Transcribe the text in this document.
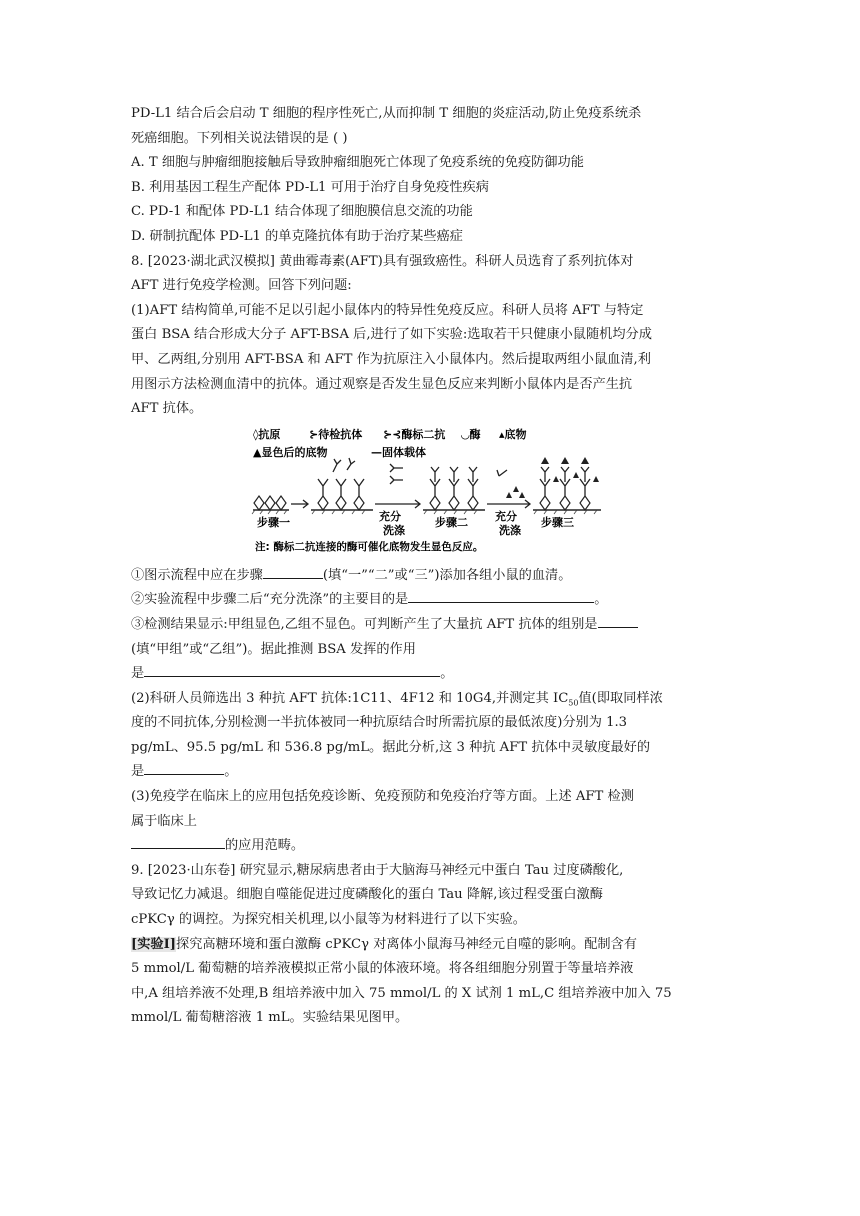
PD-L1 结合后会启动 T 细胞的程序性死亡,从而抑制 T 细胞的炎症活动,防止免疫系统杀
死癌细胞。下列相关说法错误的是 ( )
A. T 细胞与肿瘤细胞接触后导致肿瘤细胞死亡体现了免疫系统的免疫防御功能
B. 利用基因工程生产配体 PD-L1 可用于治疗自身免疫性疾病
C. PD-1 和配体 PD-L1 结合体现了细胞膜信息交流的功能
D. 研制抗配体 PD-L1 的单克隆抗体有助于治疗某些癌症
8. [2023·湖北武汉模拟] 黄曲霉毒素(AFT)具有强致癌性。科研人员选育了系列抗体对
AFT 进行免疫学检测。回答下列问题:
(1)AFT 结构简单,可能不足以引起小鼠体内的特异性免疫反应。科研人员将 AFT 与特定
蛋白 BSA 结合形成大分子 AFT-BSA 后,进行了如下实验:选取若干只健康小鼠随机均分成
甲、乙两组,分别用 AFT-BSA 和 AFT 作为抗原注入小鼠体内。然后提取两组小鼠血清,利
用图示方法检测血清中的抗体。通过观察是否发生显色反应来判断小鼠体内是否产生抗
AFT 抗体。
◊抗原	⊱待检抗体 ⊱⊰酶标二抗 ◡酶 ▴底物
▲显色后的底物	—固体载体
步骤一	步骤二	步骤三
充分
洗涤
充分
洗涤
注: 酶标二抗连接的酶可催化底物发生显色反应。
①图示流程中应在步骤	(填“一”“二”或“三”)添加各组小鼠的血清。
②实验流程中步骤二后“充分洗涤”的主要目的是	。
③检测结果显示:甲组显色,乙组不显色。可判断产生了大量抗 AFT 抗体的组别是
(填“甲组”或“乙组”)。据此推测 BSA 发挥的作用
是	。
(2)科研人员筛选出 3 种抗 AFT 抗体:1C11、4F12 和 10G4,并测定其 $IC_{50}$值(即取同样浓
度的不同抗体,分别检测一半抗体被同一种抗原结合时所需抗原的最低浓度)分别为 1.3
pg/mL、95.5 pg/mL 和 536.8 pg/mL。据此分析,这 3 种抗 AFT 抗体中灵敏度最好的
是	。
(3)免疫学在临床上的应用包括免疫诊断、免疫预防和免疫治疗等方面。上述 AFT 检测
属于临床上
的应用范畴。
9. [2023·山东卷] 研究显示,糖尿病患者由于大脑海马神经元中蛋白 Tau 过度磷酸化,
导致记忆力减退。细胞自噬能促进过度磷酸化的蛋白 Tau 降解,该过程受蛋白激酶
cPKCγ 的调控。为探究相关机理,以小鼠等为材料进行了以下实验。
[实验Ⅰ]探究高糖环境和蛋白激酶 cPKCγ 对离体小鼠海马神经元自噬的影响。配制含有
5 mmol/L 葡萄糖的培养液模拟正常小鼠的体液环境。将各组细胞分别置于等量培养液
中,A 组培养液不处理,B 组培养液中加入 75 mmol/L 的 X 试剂 1 mL,C 组培养液中加入 75
mmol/L 葡萄糖溶液 1 mL。实验结果见图甲。
